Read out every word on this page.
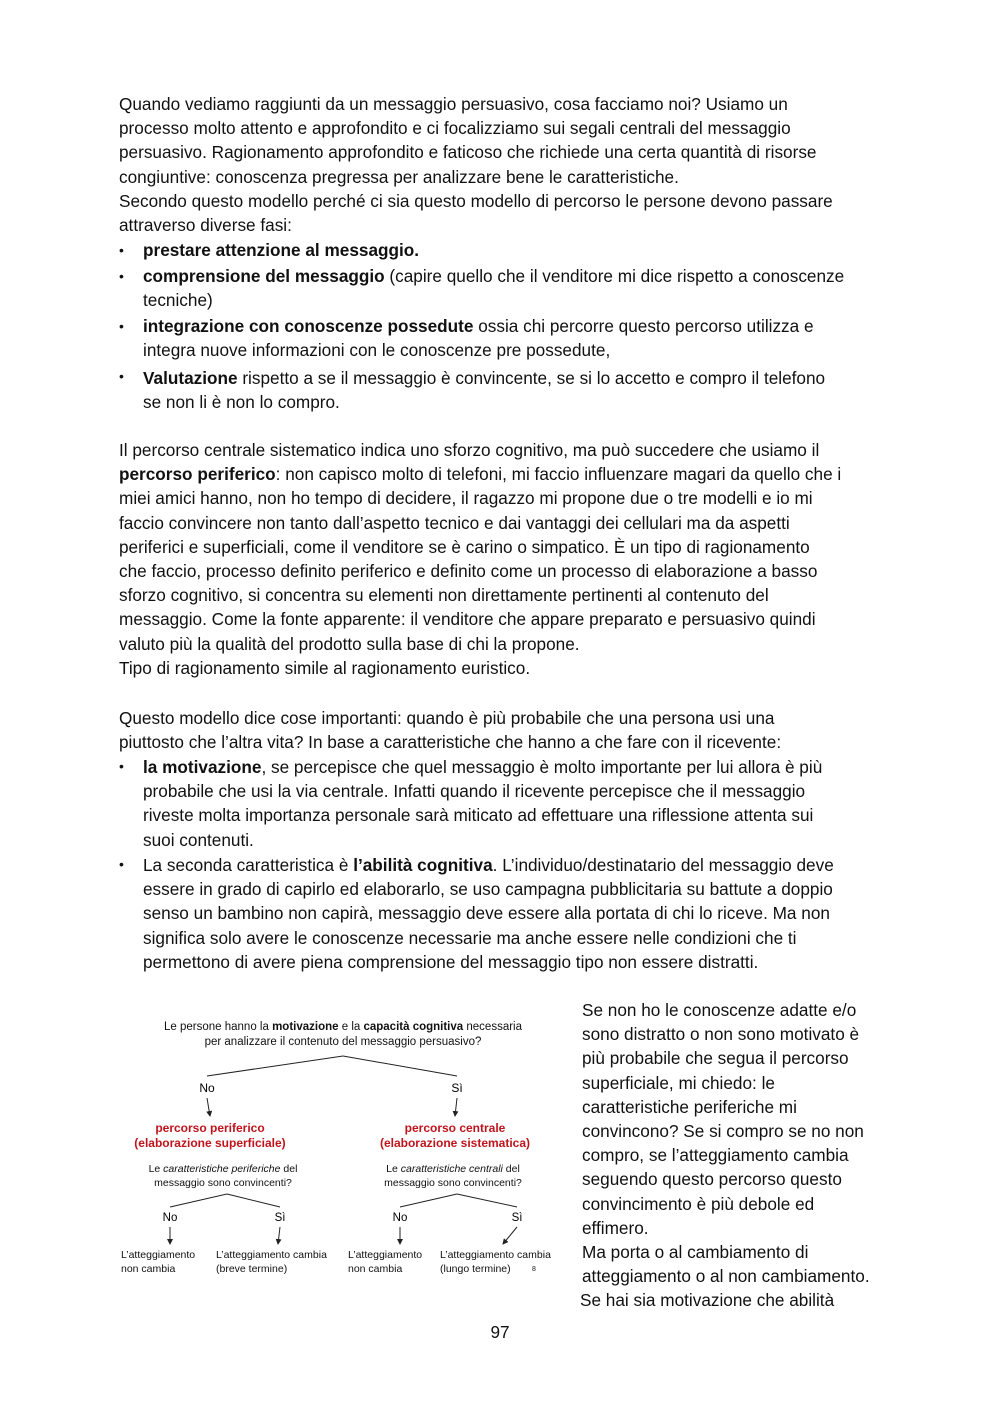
Quando vediamo raggiunti da un messaggio persuasivo, cosa facciamo noi? Usiamo un
processo molto attento e approfondito e ci focalizziamo sui segali centrali del messaggio
persuasivo. Ragionamento approfondito e faticoso che richiede una certa quantità di risorse
congiuntive: conoscenza pregressa per analizzare bene le caratteristiche.
Secondo questo modello perché ci sia questo modello di percorso le persone devono passare
attraverso diverse fasi:
• prestare attenzione al messaggio.
• comprensione del messaggio (capire quello che il venditore mi dice rispetto a conoscenze
tecniche)
• integrazione con conoscenze possedute ossia chi percorre questo percorso utilizza e
integra nuove informazioni con le conoscenze pre possedute,
• Valutazione rispetto a se il messaggio è convincente, se si lo accetto e compro il telefono
se non li è non lo compro.
Il percorso centrale sistematico indica uno sforzo cognitivo, ma può succedere che usiamo il
percorso periferico: non capisco molto di telefoni, mi faccio influenzare magari da quello che i
miei amici hanno, non ho tempo di decidere, il ragazzo mi propone due o tre modelli e io mi
faccio convincere non tanto dall’aspetto tecnico e dai vantaggi dei cellulari ma da aspetti
periferici e superficiali, come il venditore se è carino o simpatico. È un tipo di ragionamento
che faccio, processo definito periferico e definito come un processo di elaborazione a basso
sforzo cognitivo, si concentra su elementi non direttamente pertinenti al contenuto del
messaggio. Come la fonte apparente: il venditore che appare preparato e persuasivo quindi
valuto più la qualità del prodotto sulla base di chi la propone.
Tipo di ragionamento simile al ragionamento euristico.
Questo modello dice cose importanti: quando è più probabile che una persona usi una
piuttosto che l’altra vita? In base a caratteristiche che hanno a che fare con il ricevente:
• la motivazione, se percepisce che quel messaggio è molto importante per lui allora è più
probabile che usi la via centrale. Infatti quando il ricevente percepisce che il messaggio
riveste molta importanza personale sarà miticato ad effettuare una riflessione attenta sui
suoi contenuti.
• La seconda caratteristica è l’abilità cognitiva. L’individuo/destinatario del messaggio deve
essere in grado di capirlo ed elaborarlo, se uso campagna pubblicitaria su battute a doppio
senso un bambino non capirà, messaggio deve essere alla portata di chi lo riceve. Ma non
significa solo avere le conoscenze necessarie ma anche essere nelle condizioni che ti
permettono di avere piena comprensione del messaggio tipo non essere distratti.
Le persone hanno la motivazione e la capacità cognitiva necessaria
per analizzare il contenuto del messaggio persuasivo?
No	Sì
percorso periferico
(elaborazione superficiale)
percorso centrale
(elaborazione sistematica)
Le caratteristiche periferiche del
messaggio sono convincenti?
Le caratteristiche centrali del
messaggio sono convincenti?
No	Sì	No	Sì
L’atteggiamento
non cambia
L’atteggiamento cambia
(breve termine)
L’atteggiamento
non cambia
L’atteggiamento cambia
(lungo termine)	8
Se non ho le conoscenze adatte e/o
sono distratto o non sono motivato è
più probabile che segua il percorso
superficiale, mi chiedo: le
caratteristiche periferiche mi
convincono? Se si compro se no non
compro, se l’atteggiamento cambia
seguendo questo percorso questo
convincimento è più debole ed
effimero.
Ma porta o al cambiamento di
atteggiamento o al non cambiamento.
Se hai sia motivazione che abilità
97
